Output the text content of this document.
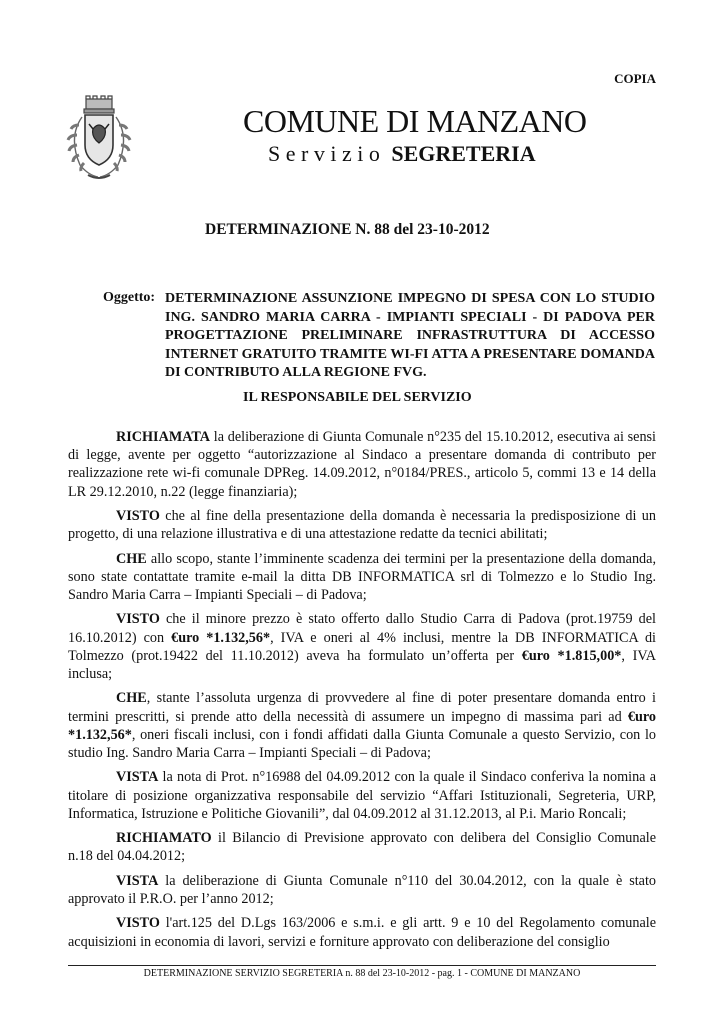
COPIA
COMUNE DI MANZANO
Servizio SEGRETERIA
DETERMINAZIONE N. 88 del 23-10-2012
Oggetto: DETERMINAZIONE ASSUNZIONE IMPEGNO DI SPESA CON LO STUDIO ING. SANDRO MARIA CARRA - IMPIANTI SPECIALI - DI PADOVA PER PROGETTAZIONE PRELIMINARE INFRASTRUTTURA DI ACCESSO INTERNET GRATUITO TRAMITE WI-FI ATTA A PRESENTARE DOMANDA DI CONTRIBUTO ALLA REGIONE FVG.
IL RESPONSABILE DEL SERVIZIO

RICHIAMATA la deliberazione di Giunta Comunale n°235 del 15.10.2012, esecutiva ai sensi di legge, avente per oggetto “autorizzazione al Sindaco a presentare domanda di contributo per realizzazione rete wi-fi comunale DPReg. 14.09.2012, n°0184/PRES., articolo 5, commi 13 e 14 della LR 29.12.2010, n.22 (legge finanziaria);

VISTO che al fine della presentazione della domanda è necessaria la predisposizione di un progetto, di una relazione illustrativa e di una attestazione redatte da tecnici abilitati;

CHE allo scopo, stante l’imminente scadenza dei termini per la presentazione della domanda, sono state contattate tramite e-mail la ditta DB INFORMATICA srl di Tolmezzo e lo Studio Ing. Sandro Maria Carra – Impianti Speciali – di Padova;

VISTO che il minore prezzo è stato offerto dallo Studio Carra di Padova (prot.19759 del 16.10.2012) con €uro *1.132,56*, IVA e oneri al 4% inclusi, mentre la DB INFORMATICA di Tolmezzo (prot.19422 del 11.10.2012) aveva ha formulato un’offerta per €uro *1.815,00*, IVA inclusa;

CHE, stante l’assoluta urgenza di provvedere al fine di poter presentare domanda entro i termini prescritti, si prende atto della necessità di assumere un impegno di massima pari ad €uro *1.132,56*, oneri fiscali inclusi, con i fondi affidati dalla Giunta Comunale a questo Servizio, con lo studio Ing. Sandro Maria Carra – Impianti Speciali – di Padova;

VISTA la nota di Prot. n°16988 del 04.09.2012 con la quale il Sindaco conferiva la nomina a titolare di posizione organizzativa responsabile del servizio “Affari Istituzionali, Segreteria, URP, Informatica, Istruzione e Politiche Giovanili”, dal 04.09.2012 al 31.12.2013, al P.i. Mario Roncali;

RICHIAMATO il Bilancio di Previsione approvato con delibera del Consiglio Comunale n.18 del 04.04.2012;

VISTA la deliberazione di Giunta Comunale n°110 del 30.04.2012, con la quale è stato approvato il P.R.O. per l’anno 2012;

VISTO l'art.125 del D.Lgs 163/2006 e s.m.i. e gli artt. 9 e 10 del Regolamento comunale acquisizioni in economia di lavori, servizi e forniture approvato con deliberazione del consiglio

DETERMINAZIONE SERVIZIO SEGRETERIA n. 88 del 23-10-2012 - pag. 1 - COMUNE DI MANZANO
